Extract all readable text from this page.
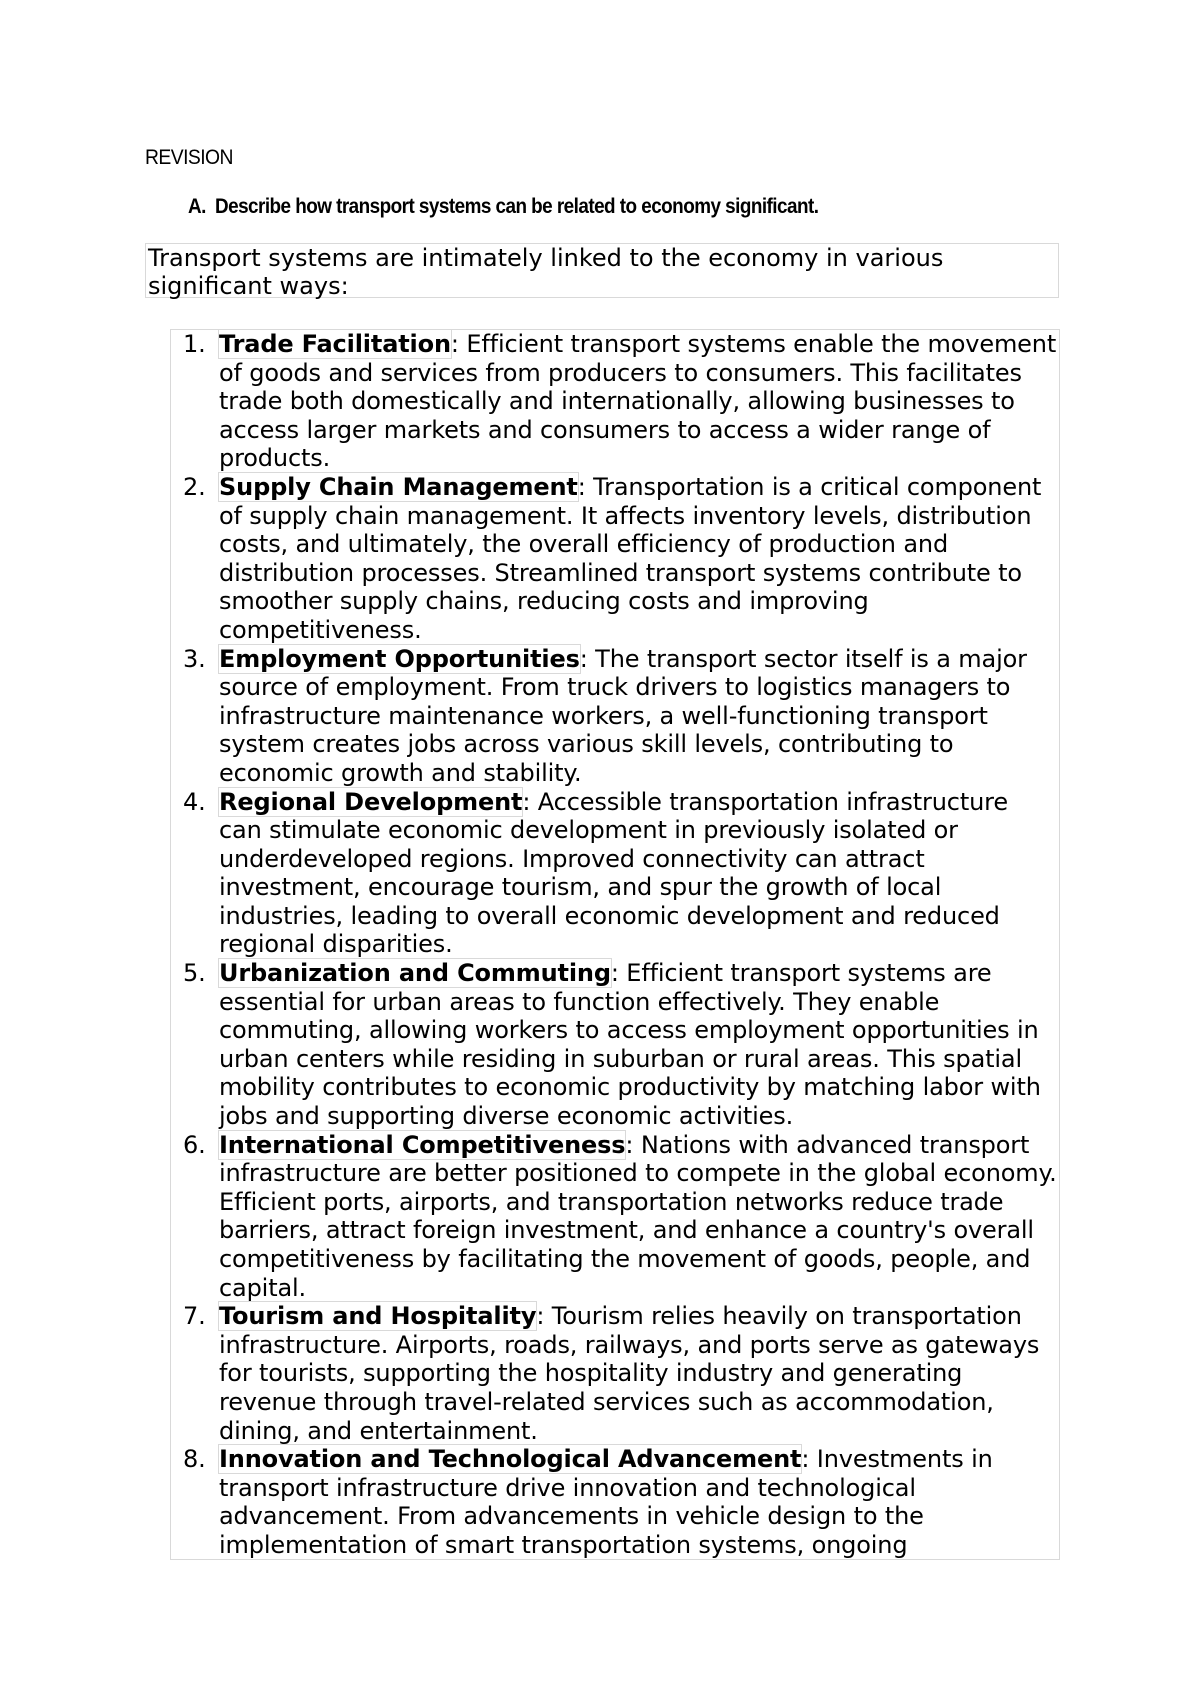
REVISION
A. Describe how transport systems can be related to economy significant.
Transport systems are intimately linked to the economy in various significant ways:
1. Trade Facilitation: Efficient transport systems enable the movement of goods and services from producers to consumers. This facilitates trade both domestically and internationally, allowing businesses to access larger markets and consumers to access a wider range of products.
2. Supply Chain Management: Transportation is a critical component of supply chain management. It affects inventory levels, distribution costs, and ultimately, the overall efficiency of production and distribution processes. Streamlined transport systems contribute to smoother supply chains, reducing costs and improving competitiveness.
3. Employment Opportunities: The transport sector itself is a major source of employment. From truck drivers to logistics managers to infrastructure maintenance workers, a well-functioning transport system creates jobs across various skill levels, contributing to economic growth and stability.
4. Regional Development: Accessible transportation infrastructure can stimulate economic development in previously isolated or underdeveloped regions. Improved connectivity can attract investment, encourage tourism, and spur the growth of local industries, leading to overall economic development and reduced regional disparities.
5. Urbanization and Commuting: Efficient transport systems are essential for urban areas to function effectively. They enable commuting, allowing workers to access employment opportunities in urban centers while residing in suburban or rural areas. This spatial mobility contributes to economic productivity by matching labor with jobs and supporting diverse economic activities.
6. International Competitiveness: Nations with advanced transport infrastructure are better positioned to compete in the global economy. Efficient ports, airports, and transportation networks reduce trade barriers, attract foreign investment, and enhance a country's overall competitiveness by facilitating the movement of goods, people, and capital.
7. Tourism and Hospitality: Tourism relies heavily on transportation infrastructure. Airports, roads, railways, and ports serve as gateways for tourists, supporting the hospitality industry and generating revenue through travel-related services such as accommodation, dining, and entertainment.
8. Innovation and Technological Advancement: Investments in transport infrastructure drive innovation and technological advancement. From advancements in vehicle design to the implementation of smart transportation systems, ongoing
